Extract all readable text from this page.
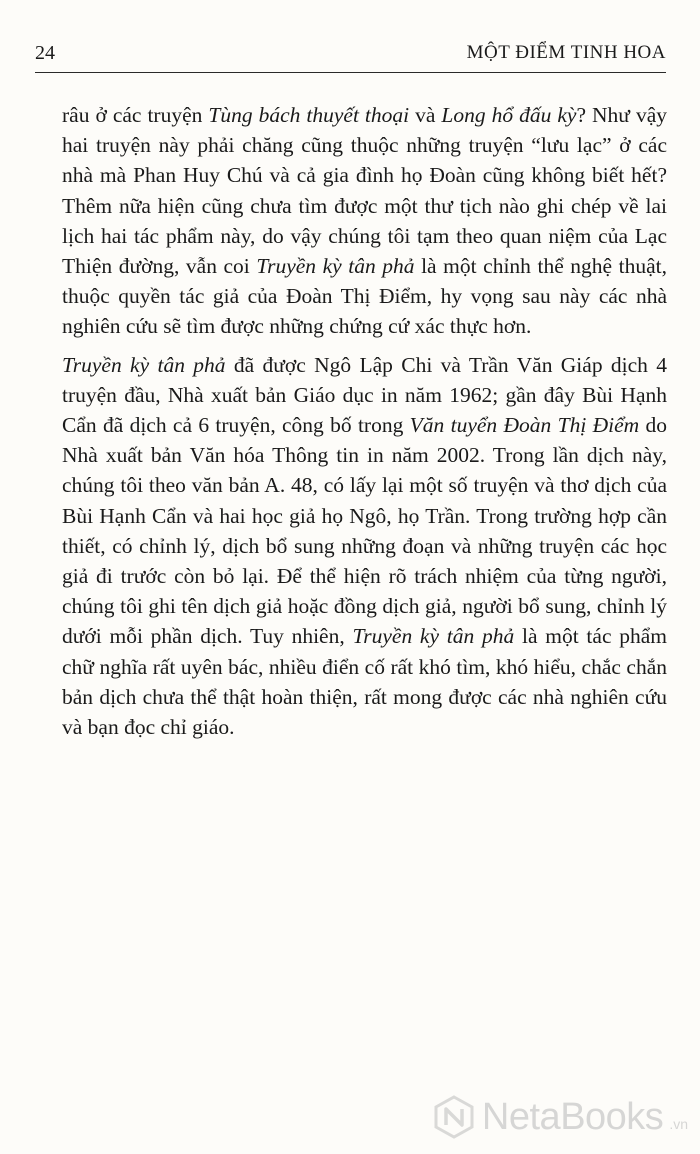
24	MỘT ĐIỂM TINH HOA

râu ở các truyện Tùng bách thuyết thoại và Long hổ đấu kỳ? Như vậy hai truyện này phải chăng cũng thuộc những truyện “lưu lạc” ở các nhà mà Phan Huy Chú và cả gia đình họ Đoàn cũng không biết hết? Thêm nữa hiện cũng chưa tìm được một thư tịch nào ghi chép về lai lịch hai tác phẩm này, do vậy chúng tôi tạm theo quan niệm của Lạc Thiện đường, vẫn coi Truyền kỳ tân phả là một chỉnh thể nghệ thuật, thuộc quyền tác giả của Đoàn Thị Điểm, hy vọng sau này các nhà nghiên cứu sẽ tìm được những chứng cứ xác thực hơn.

Truyền kỳ tân phả đã được Ngô Lập Chi và Trần Văn Giáp dịch 4 truyện đầu, Nhà xuất bản Giáo dục in năm 1962; gần đây Bùi Hạnh Cẩn đã dịch cả 6 truyện, công bố trong Văn tuyển Đoàn Thị Điểm do Nhà xuất bản Văn hóa Thông tin in năm 2002. Trong lần dịch này, chúng tôi theo văn bản A. 48, có lấy lại một số truyện và thơ dịch của Bùi Hạnh Cẩn và hai học giả họ Ngô, họ Trần. Trong trường hợp cần thiết, có chỉnh lý, dịch bổ sung những đoạn và những truyện các học giả đi trước còn bỏ lại. Để thể hiện rõ trách nhiệm của từng người, chúng tôi ghi tên dịch giả hoặc đồng dịch giả, người bổ sung, chỉnh lý dưới mỗi phần dịch. Tuy nhiên, Truyền kỳ tân phả là một tác phẩm chữ nghĩa rất uyên bác, nhiều điển cố rất khó tìm, khó hiểu, chắc chắn bản dịch chưa thể thật hoàn thiện, rất mong được các nhà nghiên cứu và bạn đọc chỉ giáo.

NetaBooks .vn
